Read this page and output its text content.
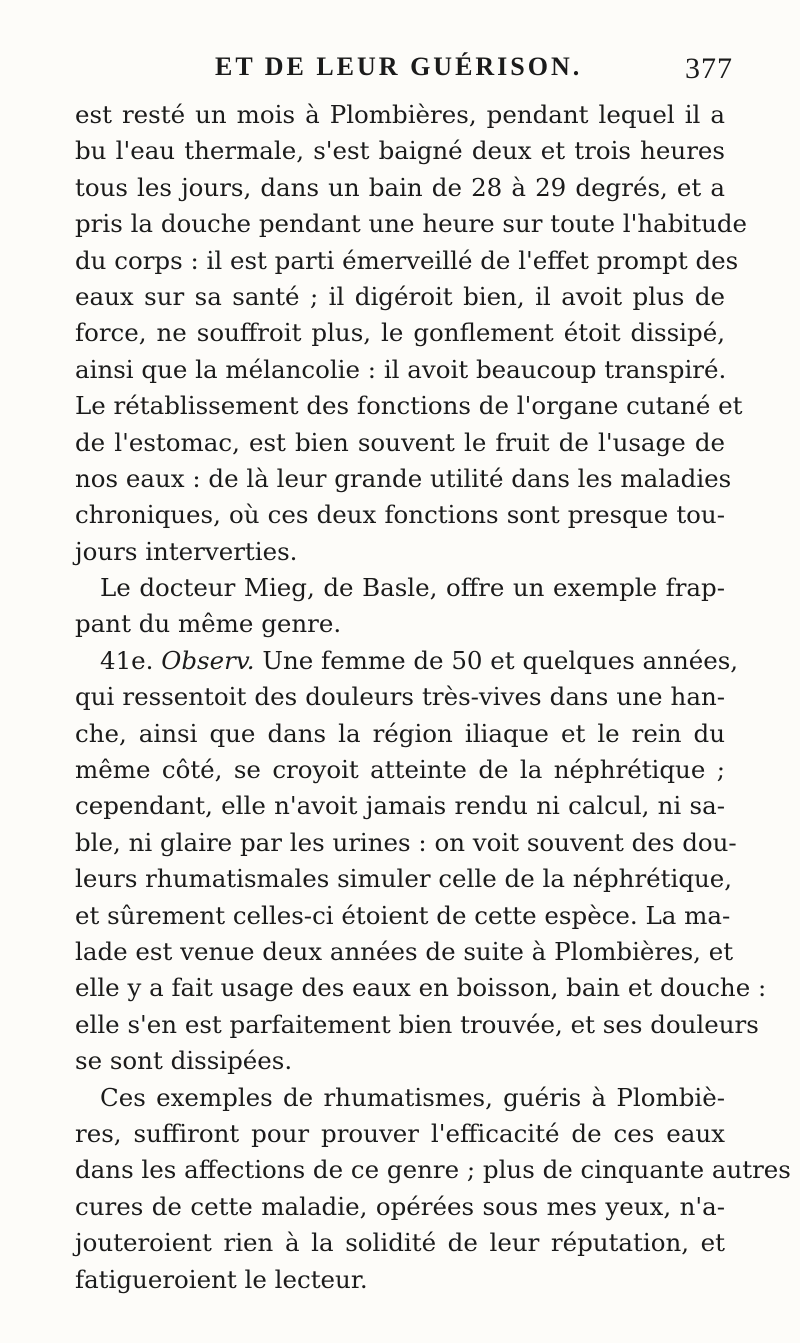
ET DE LEUR GUÉRISON.	377
est resté un mois à Plombières, pendant lequel il a
bu l'eau thermale, s'est baigné deux et trois heures
tous les jours, dans un bain de 28 à 29 degrés, et a
pris la douche pendant une heure sur toute l'habitude
du corps : il est parti émerveillé de l'effet prompt des
eaux sur sa santé ; il digéroit bien, il avoit plus de
force, ne souffroit plus, le gonflement étoit dissipé,
ainsi que la mélancolie : il avoit beaucoup transpiré.
Le rétablissement des fonctions de l'organe cutané et
de l'estomac, est bien souvent le fruit de l'usage de
nos eaux : de là leur grande utilité dans les maladies
chroniques, où ces deux fonctions sont presque tou-
jours interverties.
Le docteur Mieg, de Basle, offre un exemple frap-
pant du même genre.
41e. Observ. Une femme de 50 et quelques années,
qui ressentoit des douleurs très-vives dans une han-
che, ainsi que dans la région iliaque et le rein du
même côté, se croyoit atteinte de la néphrétique ;
cependant, elle n'avoit jamais rendu ni calcul, ni sa-
ble, ni glaire par les urines : on voit souvent des dou-
leurs rhumatismales simuler celle de la néphrétique,
et sûrement celles-ci étoient de cette espèce. La ma-
lade est venue deux années de suite à Plombières, et
elle y a fait usage des eaux en boisson, bain et douche :
elle s'en est parfaitement bien trouvée, et ses douleurs
se sont dissipées.
Ces exemples de rhumatismes, guéris à Plombiè-
res, suffiront pour prouver l'efficacité de ces eaux
dans les affections de ce genre ; plus de cinquante autres
cures de cette maladie, opérées sous mes yeux, n'a-
jouteroient rien à la solidité de leur réputation, et
fatigueroient le lecteur.
